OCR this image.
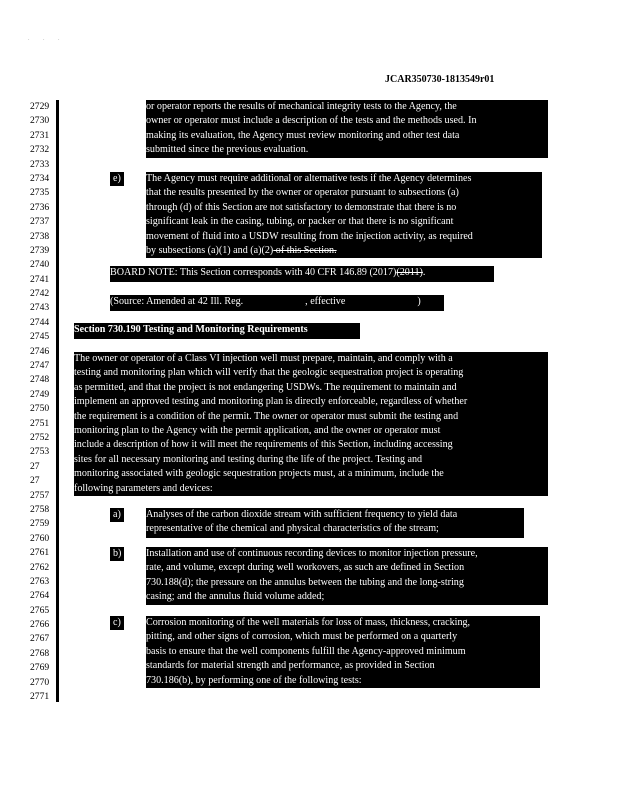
. . .
JCAR350730-1813549r01
2729
2730
2731
2732
2733
2734
2735
2736
2737
2738
2739
2740
2741
2742
2743
2744
2745
2746
2747
2748
2749
2750
2751
2752
2753
27
27
2757
2758
2759
2760
2761
2762
2763
2764
2765
2766
2767
2768
2769
2770
2771
or operator reports the results of mechanical integrity tests to the Agency, the
owner or operator must include a description of the tests and the methods used. In
making its evaluation, the Agency must review monitoring and other test data
submitted since the previous evaluation.
e) The Agency must require additional or alternative tests if the Agency determines
that the results presented by the owner or operator pursuant to subsections (a)
through (d) of this Section are not satisfactory to demonstrate that there is no
significant leak in the casing, tubing, or packer or that there is no significant
movement of fluid into a USDW resulting from the injection activity, as required
by subsections (a)(1) and (a)(2) of this Section.
BOARD NOTE: This Section corresponds with 40 CFR 146.89 (2017)(2011).
(Source: Amended at 42 Ill. Reg.	, effective	)
Section 730.190 Testing and Monitoring Requirements
The owner or operator of a Class VI injection well must prepare, maintain, and comply with a
testing and monitoring plan which will verify that the geologic sequestration project is operating
as permitted, and that the project is not endangering USDWs. The requirement to maintain and
implement an approved testing and monitoring plan is directly enforceable, regardless of whether
the requirement is a condition of the permit. The owner or operator must submit the testing and
monitoring plan to the Agency with the permit application, and the owner or operator must
include a description of how it will meet the requirements of this Section, including accessing
sites for all necessary monitoring and testing during the life of the project. Testing and
monitoring associated with geologic sequestration projects must, at a minimum, include the
following parameters and devices:
a) Analyses of the carbon dioxide stream with sufficient frequency to yield data
representative of the chemical and physical characteristics of the stream;
b) Installation and use of continuous recording devices to monitor injection pressure,
rate, and volume, except during well workovers, as such are defined in Section
730.188(d); the pressure on the annulus between the tubing and the long-string
casing; and the annulus fluid volume added;
c) Corrosion monitoring of the well materials for loss of mass, thickness, cracking,
pitting, and other signs of corrosion, which must be performed on a quarterly
basis to ensure that the well components fulfill the Agency-approved minimum
standards for material strength and performance, as provided in Section
730.186(b), by performing one of the following tests:
